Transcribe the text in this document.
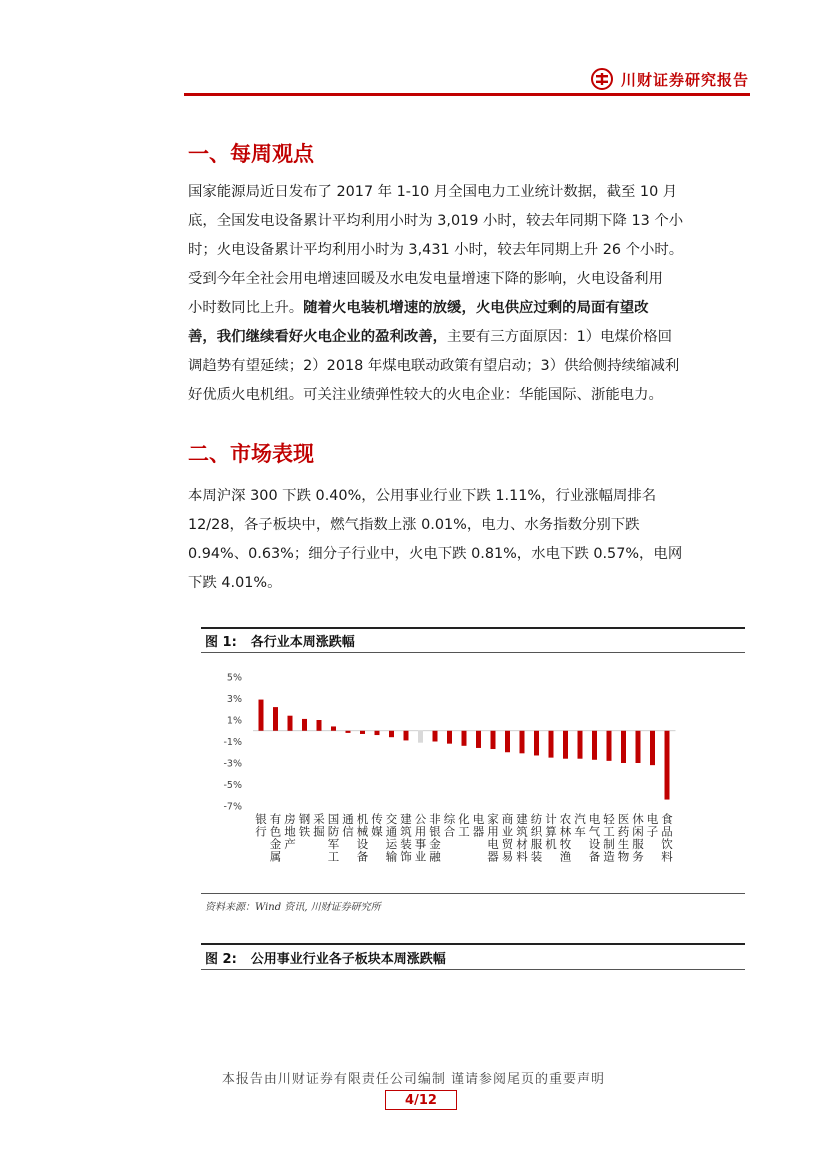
川财证券研究报告
一、每周观点

国家能源局近日发布了 2017 年 1-10 月全国电力工业统计数据，截至 10 月
底，全国发电设备累计平均利用小时为 3,019 小时，较去年同期下降 13 个小
时；火电设备累计平均利用小时为 3,431 小时，较去年同期上升 26 个小时。
受到今年全社会用电增速回暖及水电发电量增速下降的影响，火电设备利用
小时数同比上升。随着火电装机增速的放缓，火电供应过剩的局面有望改
善，我们继续看好火电企业的盈利改善，主要有三方面原因：1）电煤价格回
调趋势有望延续；2）2018 年煤电联动政策有望启动；3）供给侧持续缩减利
好优质火电机组。可关注业绩弹性较大的火电企业：华能国际、浙能电力。

二、市场表现

本周沪深 300 下跌 0.40%，公用事业行业下跌 1.11%，行业涨幅周排名
12/28，各子板块中，燃气指数上涨 0.01%，电力、水务指数分别下跌
0.94%、0.63%；细分子行业中，火电下跌 0.81%，水电下跌 0.57%，电网
下跌 4.01%。

图 1: 各行业本周涨跌幅
5%
3%
1%
-1%
-3%
-5%
-7%
银行
有色金属
房地产
钢铁
采掘
国防军工
通信
机械设备
传媒
交通运输
建筑装饰
公用事业
非银金融
综合
化工
电器
家用电器
商业贸易
建筑材料
纺织服装
计算机
农林牧渔
汽车
电气设备
轻工制造
医药生物
休闲服务
电子
食品饮料
资料来源：Wind 资讯, 川财证券研究所
图 2: 公用事业行业各子板块本周涨跌幅
本报告由川财证券有限责任公司编制 谨请参阅尾页的重要声明
4/12
